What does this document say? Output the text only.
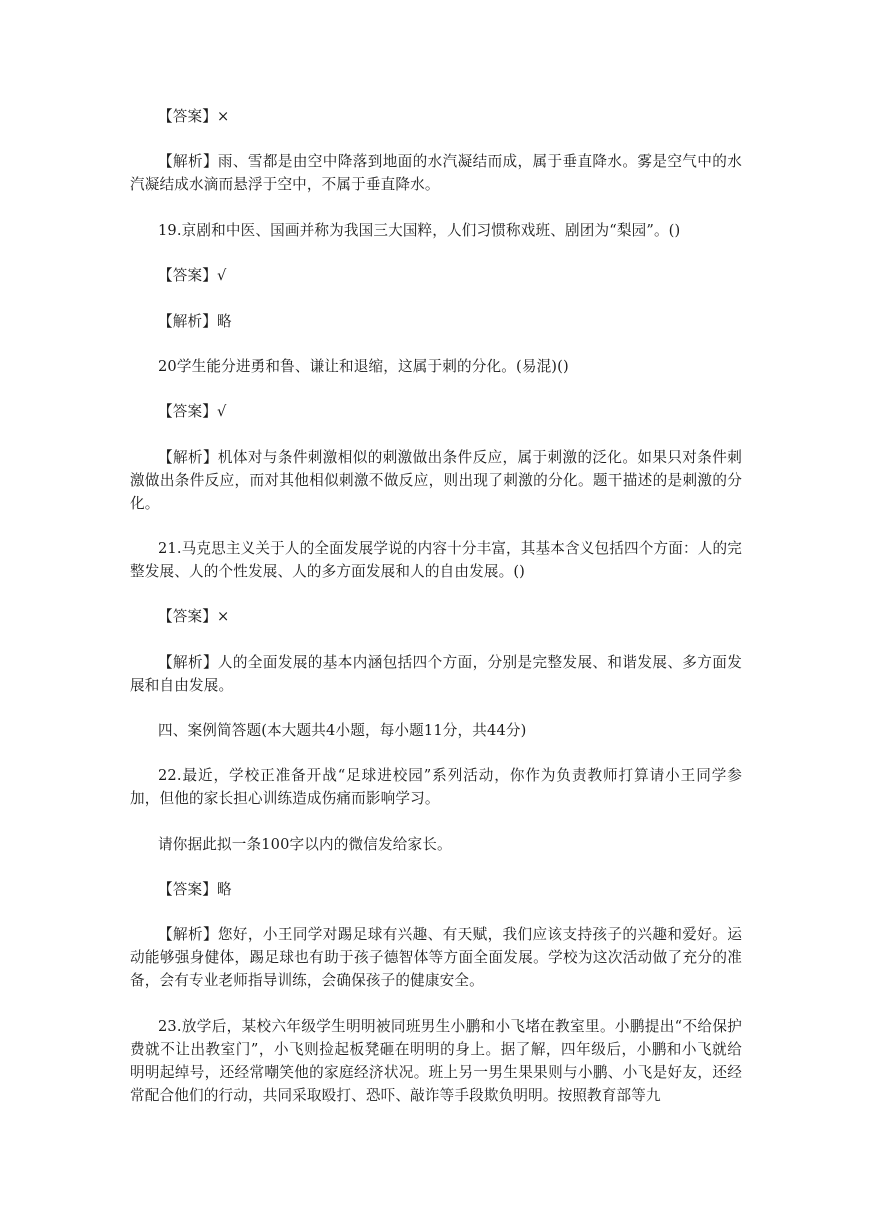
【答案】×

【解析】雨、雪都是由空中降落到地面的水汽凝结而成，属于垂直降水。雾是空气中的水汽凝结成水滴而悬浮于空中，不属于垂直降水。

19.京剧和中医、国画并称为我国三大国粹，人们习惯称戏班、剧团为“梨园”。()

【答案】√

【解析】略

20学生能分进勇和鲁、谦让和退缩，这属于刺的分化。(易混)()

【答案】√

【解析】机体对与条件刺激相似的刺激做出条件反应，属于刺激的泛化。如果只对条件刺激做出条件反应，而对其他相似刺激不做反应，则出现了刺激的分化。题干描述的是刺激的分化。

21.马克思主义关于人的全面发展学说的内容十分丰富，其基本含义包括四个方面：人的完整发展、人的个性发展、人的多方面发展和人的自由发展。()

【答案】×

【解析】人的全面发展的基本内涵包括四个方面，分别是完整发展、和谐发展、多方面发展和自由发展。

四、案例简答题(本大题共4小题，每小题11分，共44分)

22.最近，学校正准备开战“足球进校园”系列活动，你作为负责教师打算请小王同学参加，但他的家长担心训练造成伤痛而影响学习。

请你据此拟一条100字以内的微信发给家长。

【答案】略

【解析】您好，小王同学对踢足球有兴趣、有天赋，我们应该支持孩子的兴趣和爱好。运动能够强身健体，踢足球也有助于孩子德智体等方面全面发展。学校为这次活动做了充分的准备，会有专业老师指导训练，会确保孩子的健康安全。

23.放学后，某校六年级学生明明被同班男生小鹏和小飞堵在教室里。小鹏提出“不给保护费就不让出教室门”，小飞则捡起板凳砸在明明的身上。据了解，四年级后，小鹏和小飞就给明明起绰号，还经常嘲笑他的家庭经济状况。班上另一男生果果则与小鹏、小飞是好友，还经常配合他们的行动，共同采取殴打、恐吓、敲诈等手段欺负明明。按照教育部等九
